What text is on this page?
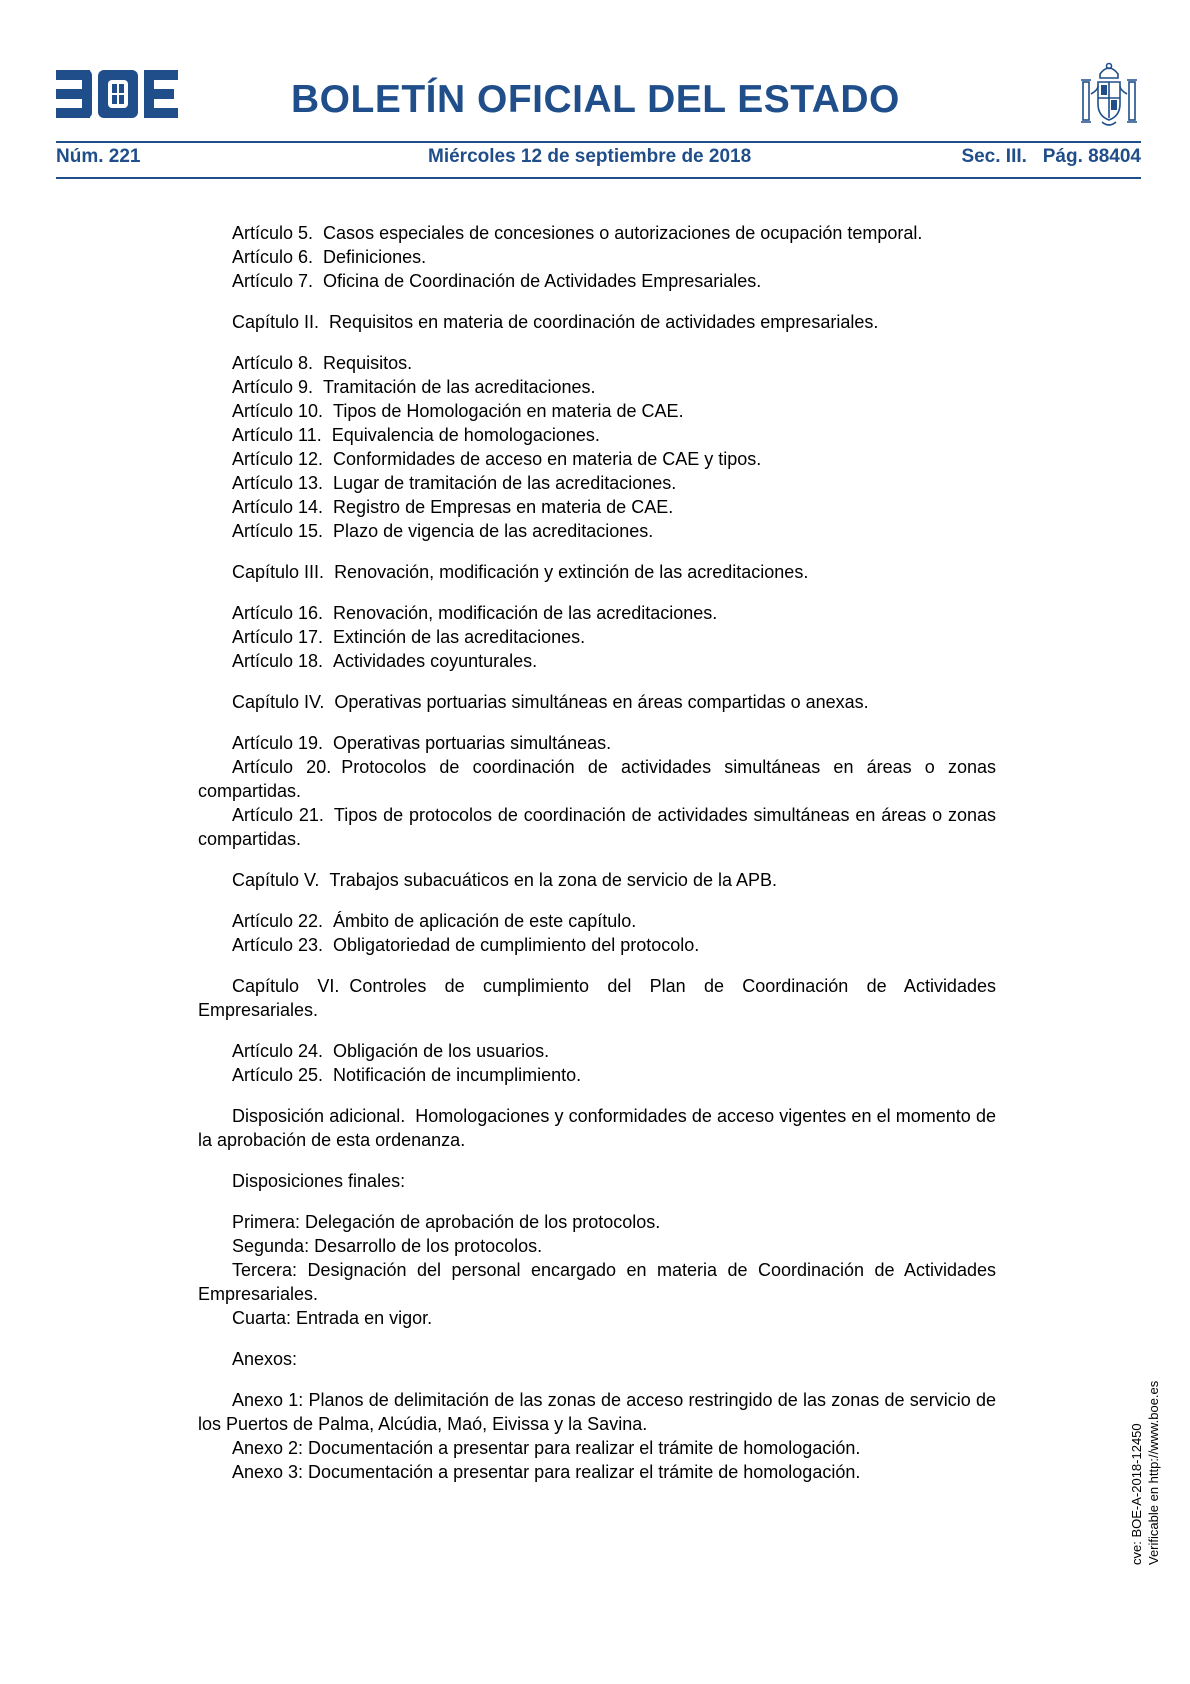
BOLETÍN OFICIAL DEL ESTADO
Núm. 221	Miércoles 12 de septiembre de 2018	Sec. III.   Pág. 88404

Artículo 5. Casos especiales de concesiones o autorizaciones de ocupación temporal.

Artículo 6. Definiciones.

Artículo 7. Oficina de Coordinación de Actividades Empresariales.

Capítulo II. Requisitos en materia de coordinación de actividades empresariales.

Artículo 8. Requisitos.

Artículo 9. Tramitación de las acreditaciones.

Artículo 10. Tipos de Homologación en materia de CAE.

Artículo 11. Equivalencia de homologaciones.

Artículo 12. Conformidades de acceso en materia de CAE y tipos.

Artículo 13. Lugar de tramitación de las acreditaciones.

Artículo 14. Registro de Empresas en materia de CAE.

Artículo 15. Plazo de vigencia de las acreditaciones.

Capítulo III. Renovación, modificación y extinción de las acreditaciones.

Artículo 16. Renovación, modificación de las acreditaciones.

Artículo 17. Extinción de las acreditaciones.

Artículo 18. Actividades coyunturales.

Capítulo IV. Operativas portuarias simultáneas en áreas compartidas o anexas.

Artículo 19. Operativas portuarias simultáneas.

Artículo 20. Protocolos de coordinación de actividades simultáneas en áreas o zonas compartidas.

Artículo 21. Tipos de protocolos de coordinación de actividades simultáneas en áreas o zonas compartidas.

Capítulo V. Trabajos subacuáticos en la zona de servicio de la APB.

Artículo 22. Ámbito de aplicación de este capítulo.

Artículo 23. Obligatoriedad de cumplimiento del protocolo.

Capítulo VI. Controles de cumplimiento del Plan de Coordinación de Actividades Empresariales.

Artículo 24. Obligación de los usuarios.

Artículo 25. Notificación de incumplimiento.

Disposición adicional. Homologaciones y conformidades de acceso vigentes en el momento de la aprobación de esta ordenanza.

Disposiciones finales:

Primera: Delegación de aprobación de los protocolos.

Segunda: Desarrollo de los protocolos.

Tercera: Designación del personal encargado en materia de Coordinación de Actividades Empresariales.

Cuarta: Entrada en vigor.

Anexos:

Anexo 1: Planos de delimitación de las zonas de acceso restringido de las zonas de servicio de los Puertos de Palma, Alcúdia, Maó, Eivissa y la Savina.

Anexo 2: Documentación a presentar para realizar el trámite de homologación.

Anexo 3: Documentación a presentar para realizar el trámite de homologación.	cve: BOE-A-2018-12450 Verificable en http://www.boe.es
